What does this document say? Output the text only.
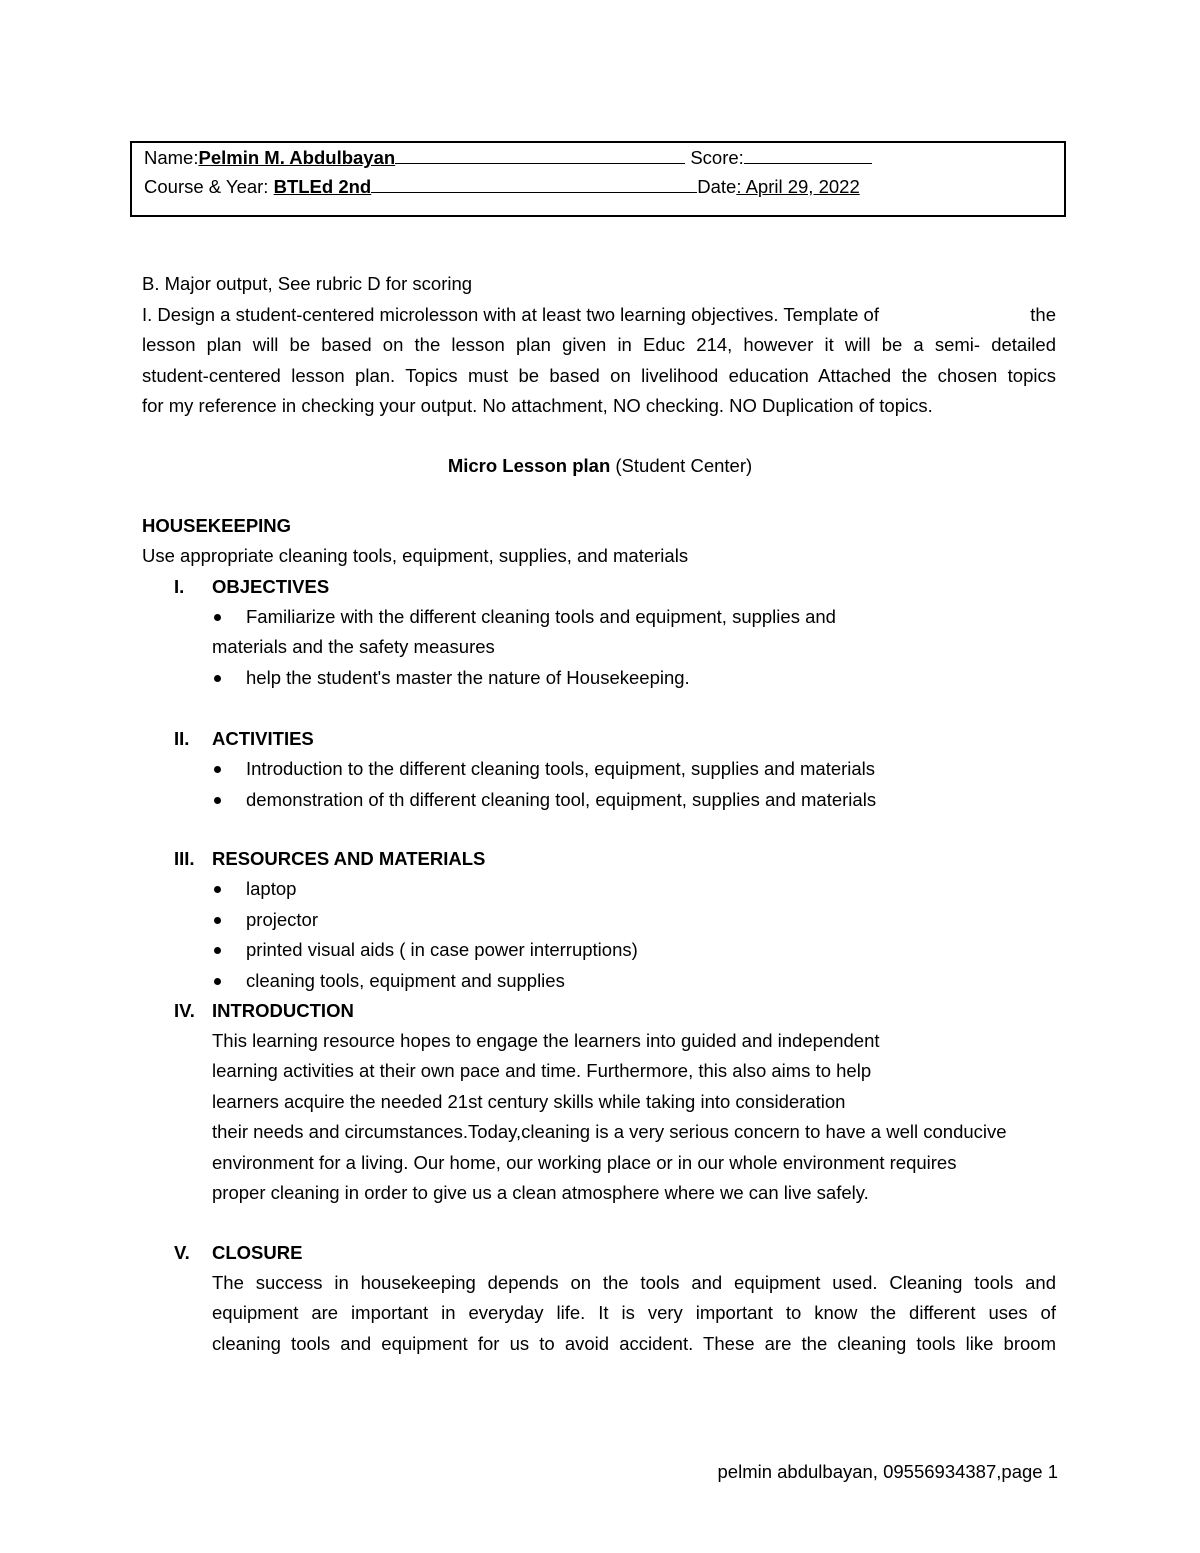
Name:Pelmin M. Abdulbayan	Score:
Course & Year: BTLEd 2nd	Date: April 29, 2022
B. Major output, See rubric D for scoring
I. Design a student-centered microlesson with at least two learning objectives. Template of	the
lesson plan will be based on the lesson plan given in Educ 214, however it will be a semi- detailed
student-centered lesson plan. Topics must be based on livelihood education Attached the chosen topics
for my reference in checking your output. No attachment, NO checking. NO Duplication of topics.
Micro Lesson plan (Student Center)
HOUSEKEEPING
Use appropriate cleaning tools, equipment, supplies, and materials
I. OBJECTIVES
Familiarize with the different cleaning tools and equipment, supplies and
materials and the safety measures
help the student's master the nature of Housekeeping.
II. ACTIVITIES
Introduction to the different cleaning tools, equipment, supplies and materials
demonstration of th different cleaning tool, equipment, supplies and materials
III. RESOURCES AND MATERIALS
laptop
projector
printed visual aids ( in case power interruptions)
cleaning tools, equipment and supplies
IV. INTRODUCTION
This learning resource hopes to engage the learners into guided and independent
learning activities at their own pace and time. Furthermore, this also aims to help
learners acquire the needed 21st century skills while taking into consideration
their needs and circumstances.Today,cleaning is a very serious concern to have a well conducive
environment for a living. Our home, our working place or in our whole environment requires
proper cleaning in order to give us a clean atmosphere where we can live safely.
V. CLOSURE
The success in housekeeping depends on the tools and equipment used. Cleaning tools and
equipment are important in everyday life. It is very important to know the different uses of
cleaning tools and equipment for us to avoid accident. These are the cleaning tools like broom
pelmin abdulbayan, 09556934387,page 1
